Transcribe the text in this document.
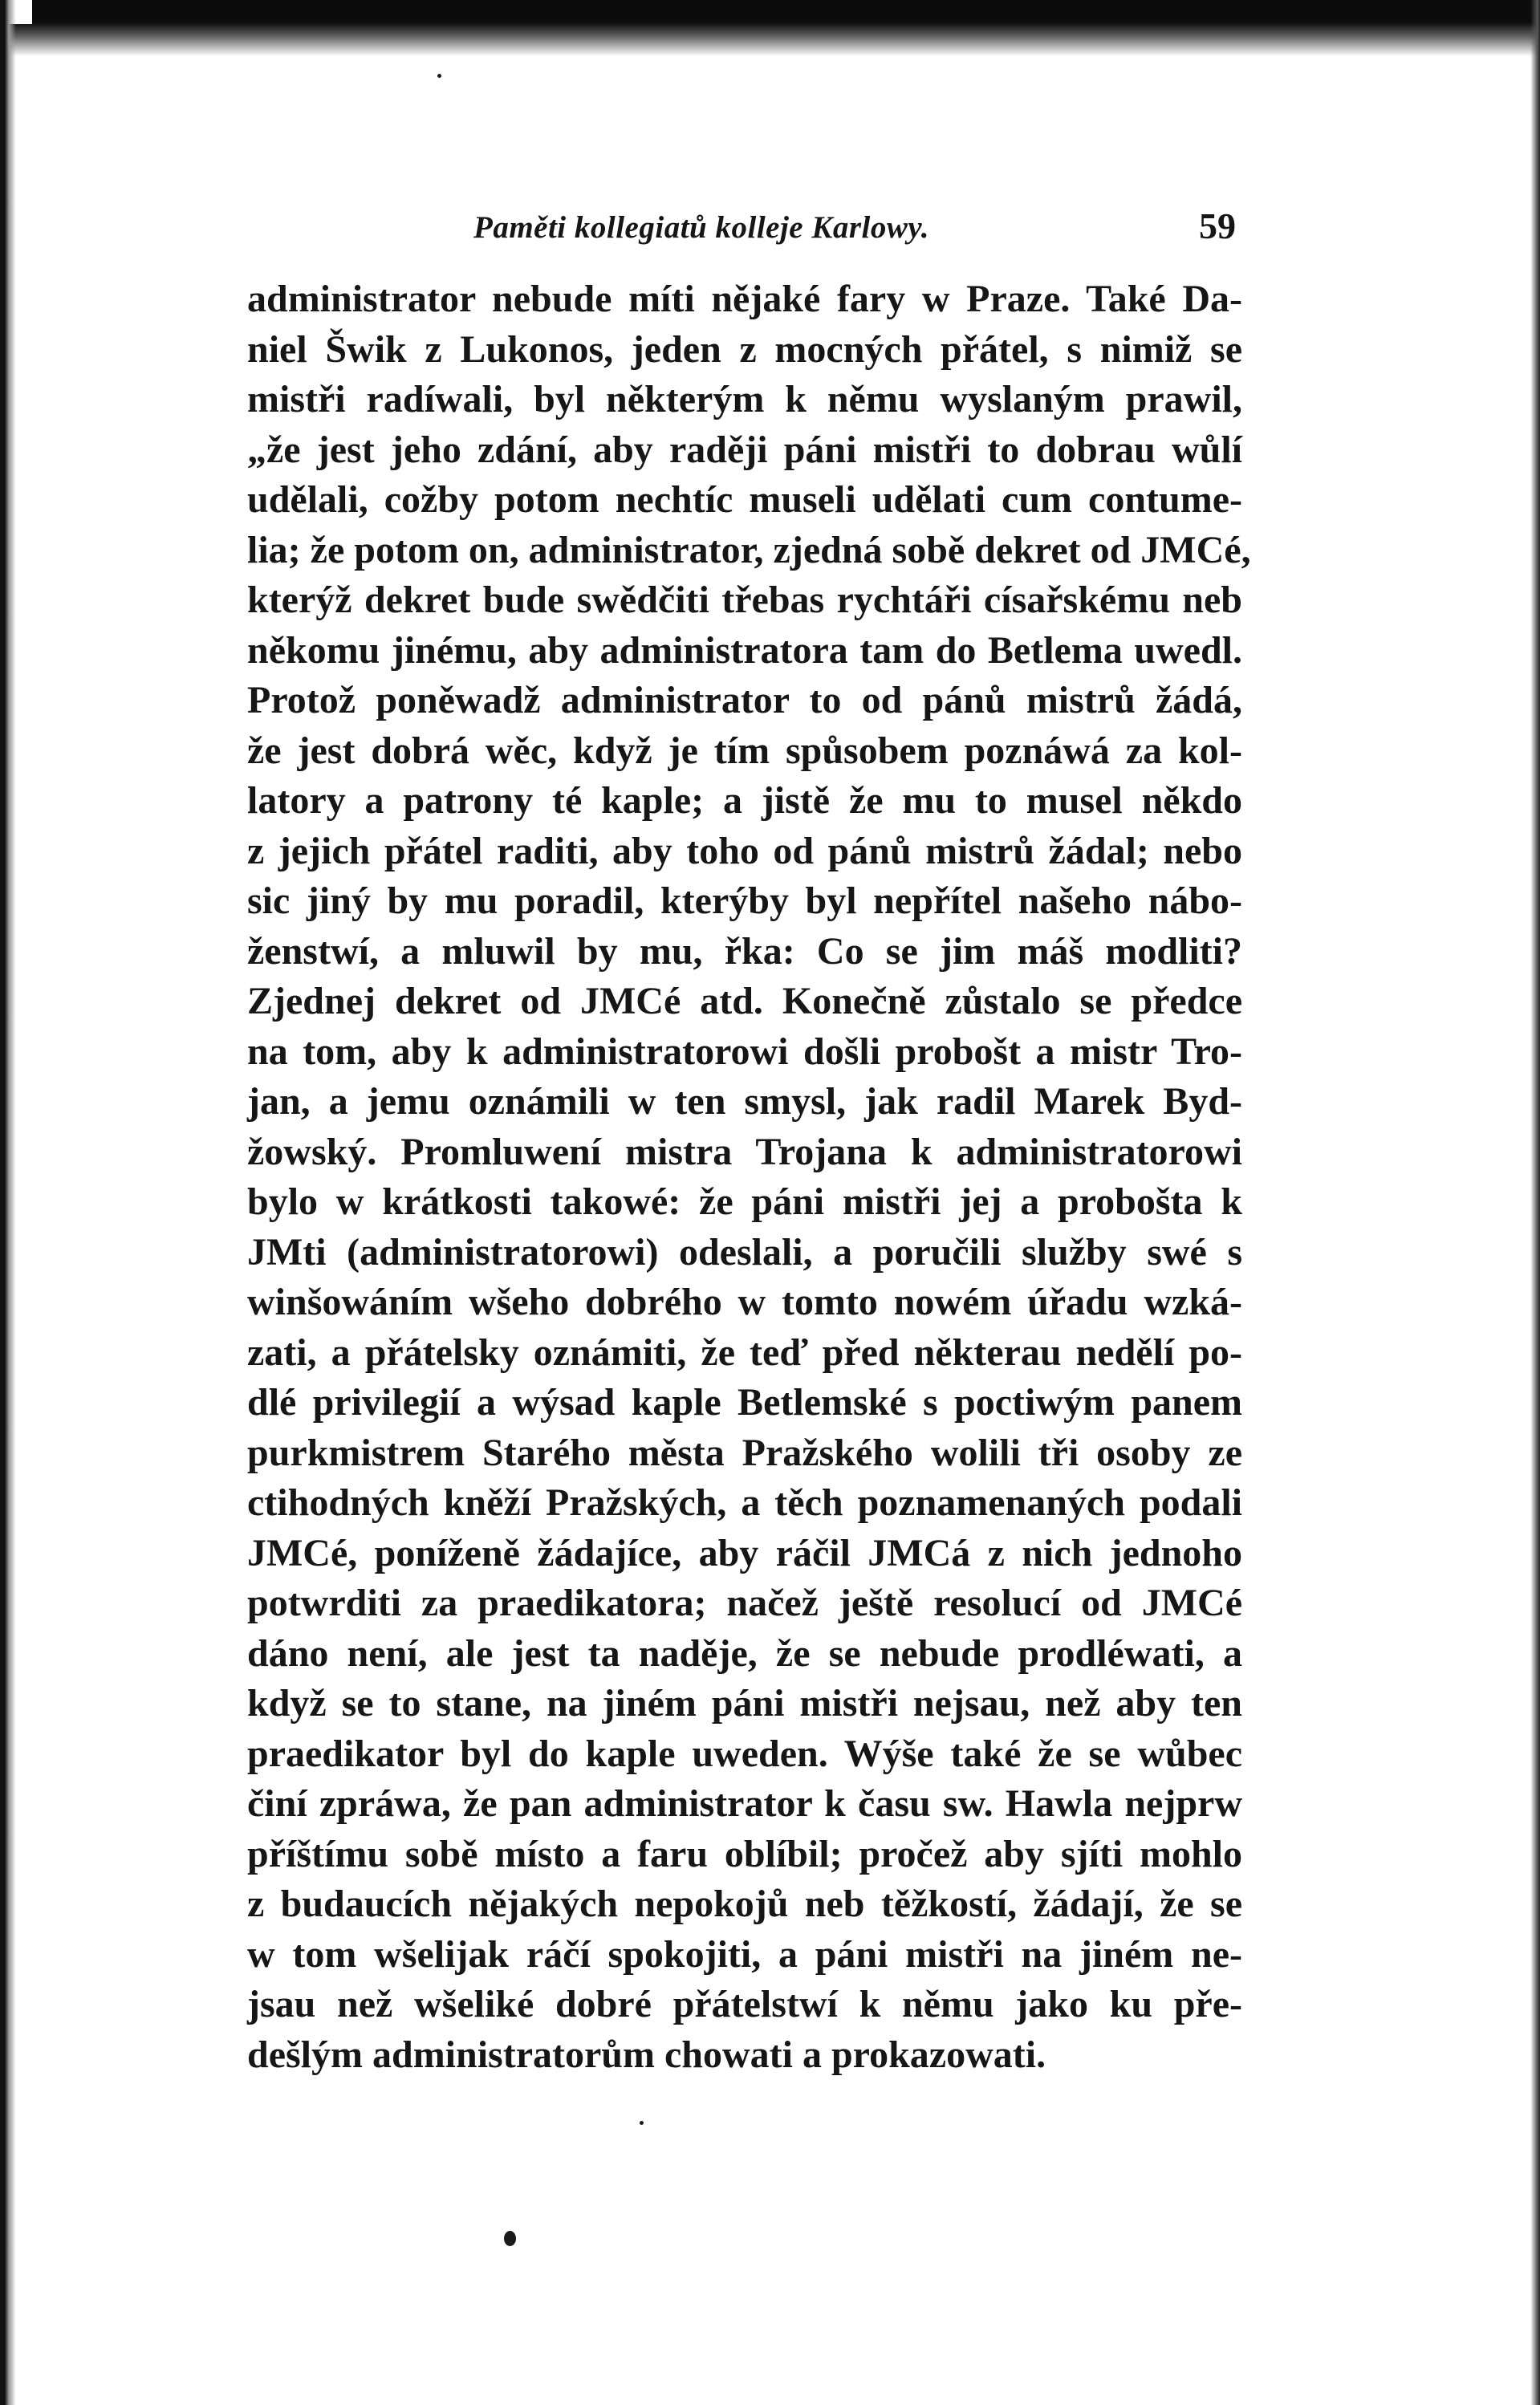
Paměti kollegiatů kolleje Karlowy.	59
administrator nebude míti nějaké fary w Praze. Také Da-
niel Šwik z Lukonos, jeden z mocných přátel, s nimiž se
mistři radíwali, byl některým k němu wyslaným prawil,
„že jest jeho zdání, aby raději páni mistři to dobrau wůlí
udělali, cožby potom nechtíc museli udělati cum contume-
lia; že potom on, administrator, zjedná sobě dekret od JMCé,
kterýž dekret bude swědčiti třebas rychtáři císařskému neb
někomu jinému, aby administratora tam do Betlema uwedl.
Protož poněwadž administrator to od pánů mistrů žádá,
že jest dobrá wěc, když je tím spůsobem poznáwá za kol-
latory a patrony té kaple; a jistě že mu to musel někdo
z jejich přátel raditi, aby toho od pánů mistrů žádal; nebo
sic jiný by mu poradil, kterýby byl nepřítel našeho nábo-
ženstwí, a mluwil by mu, řka: Co se jim máš modliti?
Zjednej dekret od JMCé atd. Konečně zůstalo se předce
na tom, aby k administratorowi došli probošt a mistr Tro-
jan, a jemu oznámili w ten smysl, jak radil Marek Byd-
žowský. Promluwení mistra Trojana k administratorowi
bylo w krátkosti takowé: že páni mistři jej a probošta k
JMti (administratorowi) odeslali, a poručili služby swé s
winšowáním wšeho dobrého w tomto nowém úřadu wzká-
zati, a přátelsky oznámiti, že teď před některau nedělí po-
dlé privilegií a wýsad kaple Betlemské s poctiwým panem
purkmistrem Starého města Pražského wolili tři osoby ze
ctihodných kněží Pražských, a těch poznamenaných podali
JMCé, poníženě žádajíce, aby ráčil JMCá z nich jednoho
potwrditi za praedikatora; načež ještě resolucí od JMCé
dáno není, ale jest ta naděje, že se nebude prodléwati, a
když se to stane, na jiném páni mistři nejsau, než aby ten
praedikator byl do kaple uweden. Wýše také že se wůbec
činí zpráwa, že pan administrator k času sw. Hawla nejprw
příštímu sobě místo a faru oblíbil; pročež aby sjíti mohlo
z budaucích nějakých nepokojů neb těžkostí, žádají, že se
w tom wšelijak ráčí spokojiti, a páni mistři na jiném ne-
jsau než wšeliké dobré přátelstwí k němu jako ku pře-
dešlým administratorům chowati a prokazowati.
